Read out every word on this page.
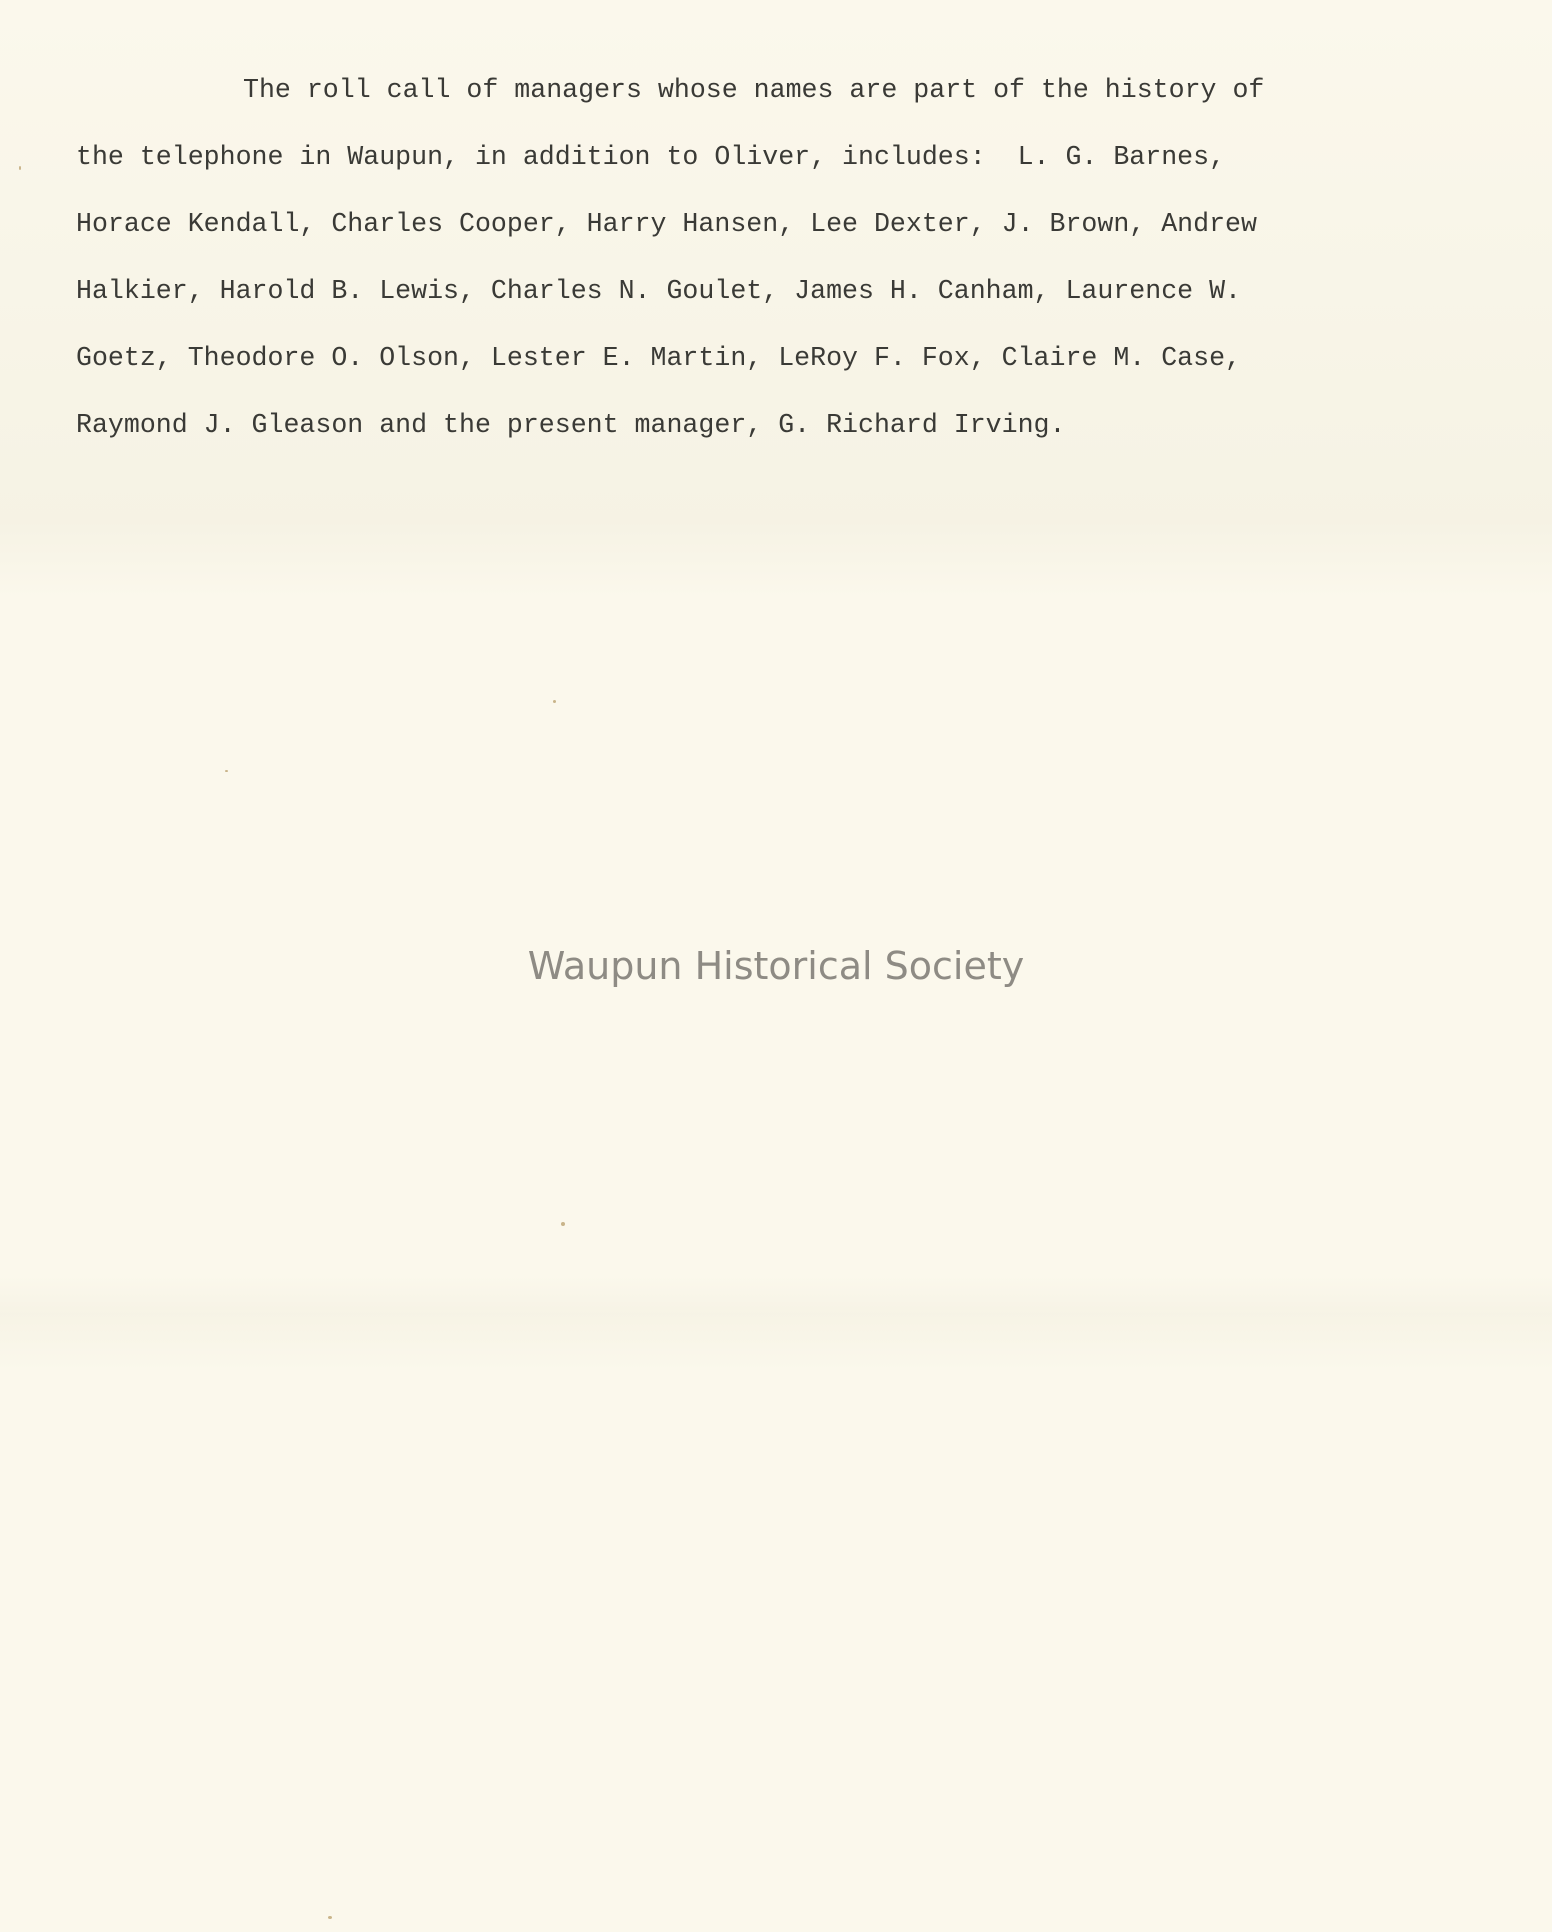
The roll call of managers whose names are part of the history of

the telephone in Waupun, in addition to Oliver, includes:  L. G. Barnes,

Horace Kendall, Charles Cooper, Harry Hansen, Lee Dexter, J. Brown, Andrew

Halkier, Harold B. Lewis, Charles N. Goulet, James H. Canham, Laurence W.

Goetz, Theodore O. Olson, Lester E. Martin, LeRoy F. Fox, Claire M. Case,

Raymond J. Gleason and the present manager, G. Richard Irving.

Waupun Historical Society
